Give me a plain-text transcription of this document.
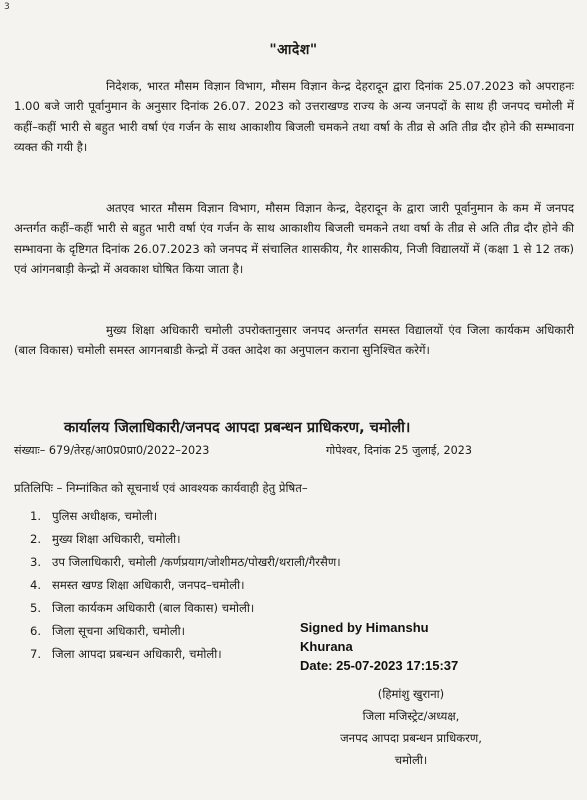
3
"आदेश"
निदेशक, भारत मौसम विज्ञान विभाग, मौसम विज्ञान केन्द्र देहरादून द्वारा दिनांक 25.07.2023 को अपराहनः 1.00 बजे जारी पूर्वानुमान के अनुसार दिनांक 26.07. 2023 को उत्तराखण्ड राज्य के अन्य जनपदों के साथ ही जनपद चमोली में कहीं–कहीं भारी से बहुत भारी वर्षा एंव गर्जन के साथ आकाशीय बिजली चमकने तथा वर्षा के तीव्र से अति तीव्र दौर होने की सम्भावना व्यक्त की गयी है।
अतएव भारत मौसम विज्ञान विभाग, मौसम विज्ञान केन्द्र, देहरादून के द्वारा जारी पूर्वानुमान के कम में जनपद अन्तर्गत कहीं–कहीं भारी से बहुत भारी वर्षा एंव गर्जन के साथ आकाशीय बिजली चमकने तथा वर्षा के तीव्र से अति तीव्र दौर होने की सम्भावना के दृष्टिगत दिनांक 26.07.2023 को जनपद में संचालित शासकीय, गैर शासकीय, निजी विद्यालयों में (कक्षा 1 से 12 तक) एवं आंगनबाड़ी केन्द्रो में अवकाश घोषित किया जाता है।
मुख्य शिक्षा अधिकारी चमोली उपरोक्तानुसार जनपद अन्तर्गत समस्त विद्यालयों एंव जिला कार्यकम अधिकारी (बाल विकास) चमोली समस्त आगनबाडी केन्द्रो में उक्त आदेश का अनुपालन कराना सुनिश्चित करेगें।
कार्यालय जिलाधिकारी/जनपद आपदा प्रबन्धन प्राधिकरण, चमोली।
संख्याः– 679/तेरह/आ0प्र0प्रा0/2022–2023	गोपेश्वर, दिनांक 25 जुलाई, 2023
प्रतिलिपिः – निम्नांकित को सूचनार्थ एवं आवश्यक कार्यवाही हेतु प्रेषित–
1. पुलिस अधीक्षक, चमोली।
2. मुख्य शिक्षा अधिकारी, चमोली।
3. उप जिलाधिकारी, चमोली /कर्णप्रयाग/जोशीमठ/पोखरी/थराली/गैरसैण।
4. समस्त खण्ड शिक्षा अधिकारी, जनपद–चमोली।
5. जिला कार्यकम अधिकारी (बाल विकास) चमोली।
6. जिला सूचना अधिकारी, चमोली।
7. जिला आपदा प्रबन्धन अधिकारी, चमोली।
Signed by Himanshu
Khurana
Date: 25-07-2023 17:15:37
(हिमांशु खुराना)
जिला मजिस्ट्रेट/अध्यक्ष,
जनपद आपदा प्रबन्धन प्राधिकरण,
चमोली।
